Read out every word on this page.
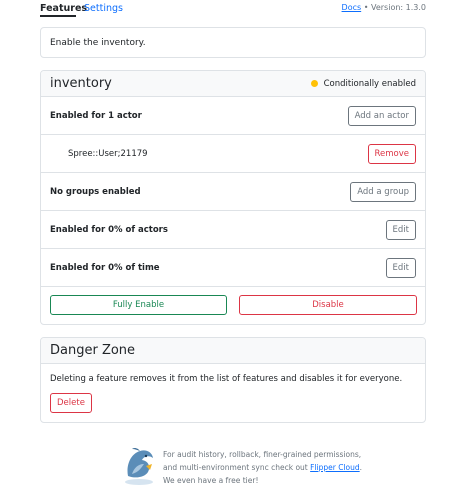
Features
Settings	Docs • Version: 1.3.0
Enable the inventory.
inventory	Conditionally enabled
Enabled for 1 actor	Add an actor
Spree::User;21179	Remove
No groups enabled	Add a group
Enabled for 0% of actors	Edit
Enabled for 0% of time	Edit
Fully Enable	Disable
Danger Zone
Deleting a feature removes it from the list of features and disables it for everyone.
Delete
For audit history, rollback, finer-grained permissions,
and multi-environment sync check out Flipper Cloud.
We even have a free tier!
